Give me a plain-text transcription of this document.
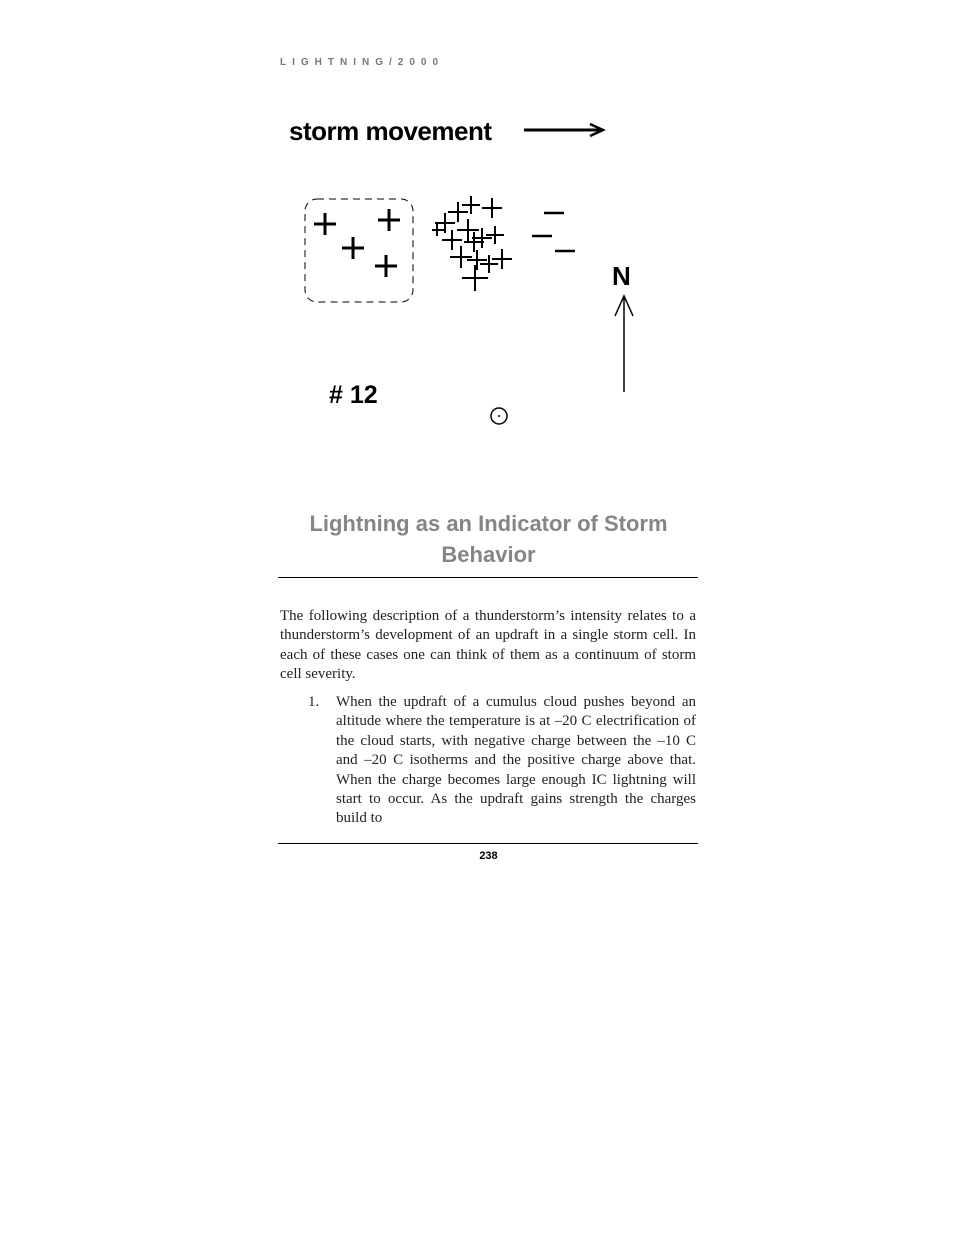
LIGHTNING/2000
storm movement
N
# 12
Lightning as an Indicator of Storm Behavior

The following description of a thunderstorm’s intensity relates to a thunderstorm’s development of an updraft in a single storm cell. In each of these cases one can think of them as a continuum of storm cell severity.

1. When the updraft of a cumulus cloud pushes beyond an altitude where the temperature is at –20 C electrification of the cloud starts, with negative charge between the –10 C and –20 C isotherms and the positive charge above that. When the charge becomes large enough IC lightning will start to occur. As the updraft gains strength the charges build to
238
